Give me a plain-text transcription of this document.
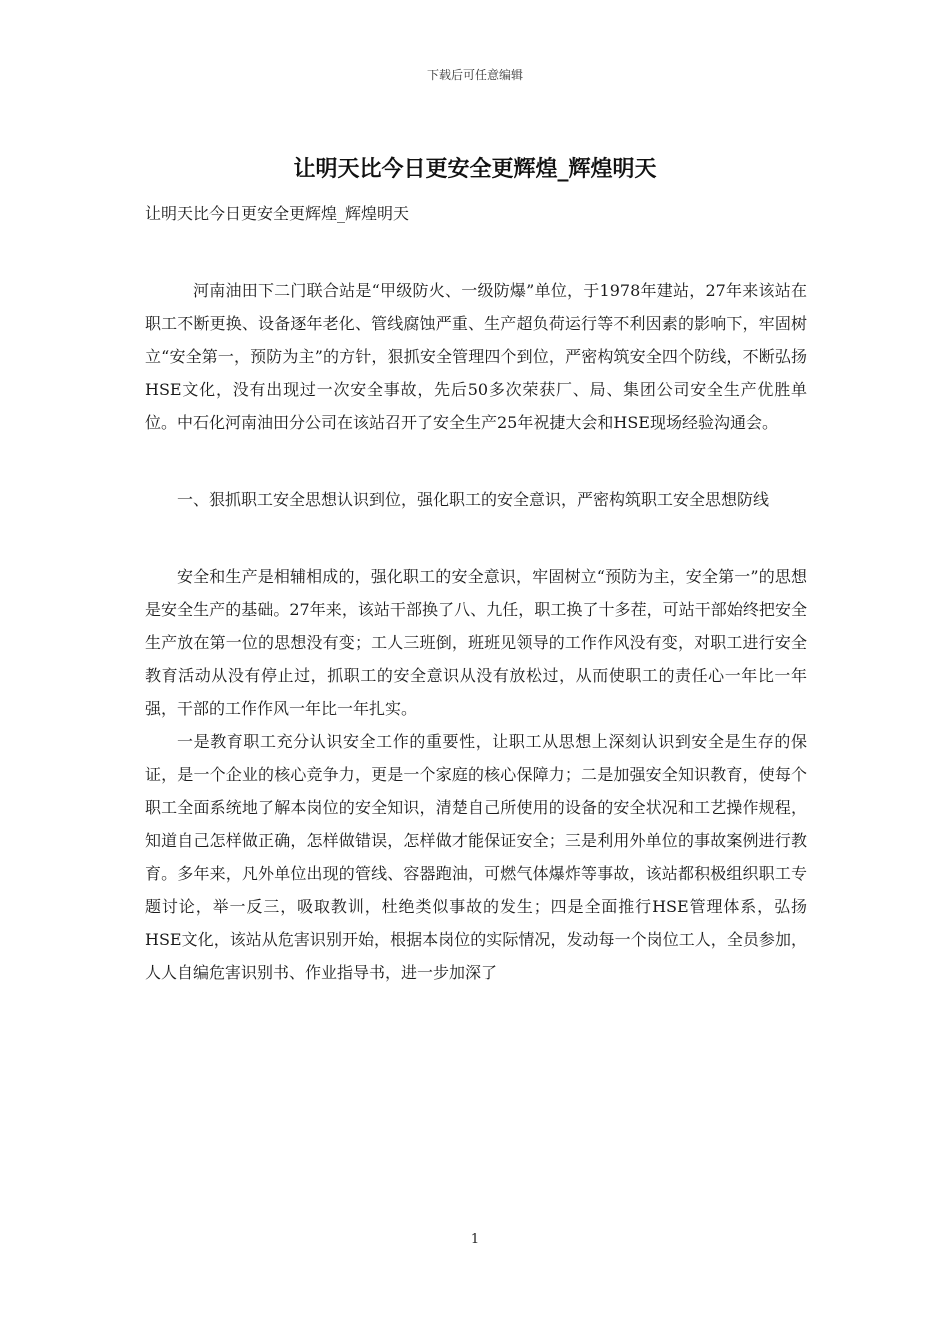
下载后可任意编辑
让明天比今日更安全更辉煌_辉煌明天

让明天比今日更安全更辉煌_辉煌明天

河南油田下二门联合站是“甲级防火、一级防爆”单位，于1978年建站，27年来该站在职工不断更换、设备逐年老化、管线腐蚀严重、生产超负荷运行等不利因素的影响下，牢固树立“安全第一，预防为主”的方针，狠抓安全管理四个到位，严密构筑安全四个防线，不断弘扬HSE文化，没有出现过一次安全事故，先后50多次荣获厂、局、集团公司安全生产优胜单位。中石化河南油田分公司在该站召开了安全生产25年祝捷大会和HSE现场经验沟通会。

一、狠抓职工安全思想认识到位，强化职工的安全意识，严密构筑职工安全思想防线

安全和生产是相辅相成的，强化职工的安全意识，牢固树立“预防为主，安全第一”的思想是安全生产的基础。27年来，该站干部换了八、九任，职工换了十多茬，可站干部始终把安全生产放在第一位的思想没有变；工人三班倒，班班见领导的工作作风没有变，对职工进行安全教育活动从没有停止过，抓职工的安全意识从没有放松过，从而使职工的责任心一年比一年强，干部的工作作风一年比一年扎实。

一是教育职工充分认识安全工作的重要性，让职工从思想上深刻认识到安全是生存的保证，是一个企业的核心竞争力，更是一个家庭的核心保障力；二是加强安全知识教育，使每个职工全面系统地了解本岗位的安全知识，清楚自己所使用的设备的安全状况和工艺操作规程，知道自己怎样做正确，怎样做错误，怎样做才能保证安全；三是利用外单位的事故案例进行教育。多年来，凡外单位出现的管线、容器跑油，可燃气体爆炸等事故，该站都积极组织职工专题讨论，举一反三，吸取教训，杜绝类似事故的发生；四是全面推行HSE管理体系，弘扬HSE文化，该站从危害识别开始，根据本岗位的实际情况，发动每一个岗位工人，全员参加，人人自编危害识别书、作业指导书，进一步加深了

1
